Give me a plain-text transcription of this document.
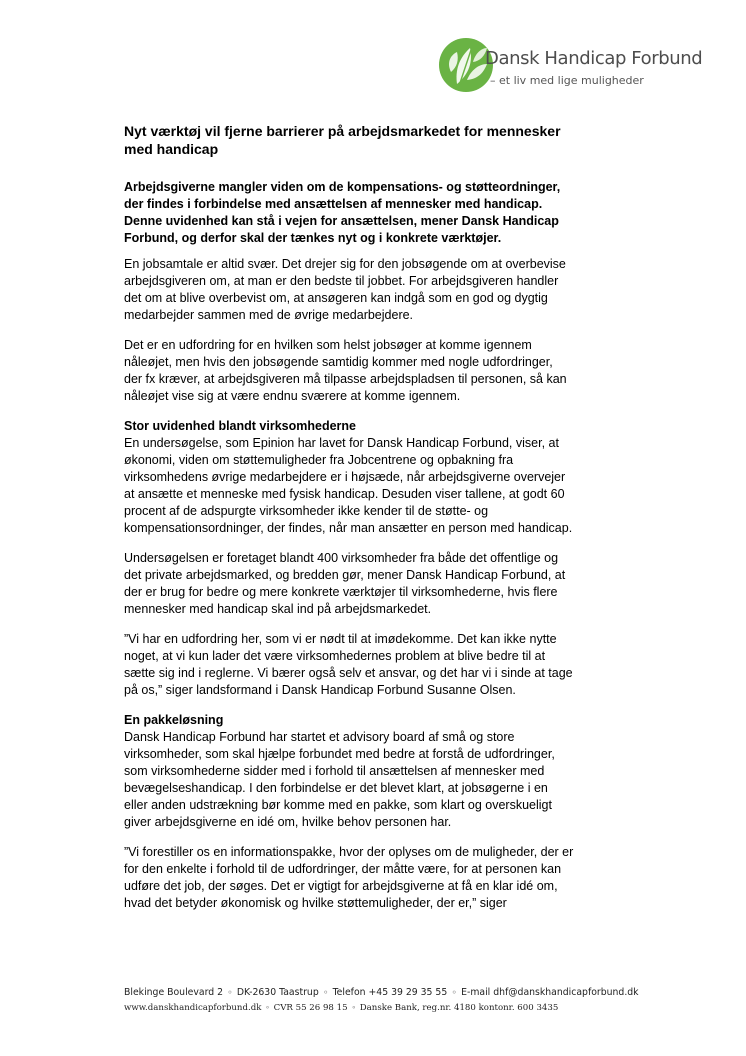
Dansk Handicap Forbund
– et liv med lige muligheder

Nyt værktøj vil fjerne barrierer på arbejdsmarkedet for mennesker med handicap

Arbejdsgiverne mangler viden om de kompensations- og støtteordninger, der findes i forbindelse med ansættelsen af mennesker med handicap. Denne uvidenhed kan stå i vejen for ansættelsen, mener Dansk Handicap Forbund, og derfor skal der tænkes nyt og i konkrete værktøjer.

En jobsamtale er altid svær. Det drejer sig for den jobsøgende om at overbevise arbejdsgiveren om, at man er den bedste til jobbet. For arbejdsgiveren handler det om at blive overbevist om, at ansøgeren kan indgå som en god og dygtig medarbejder sammen med de øvrige medarbejdere.

Det er en udfordring for en hvilken som helst jobsøger at komme igennem nåleøjet, men hvis den jobsøgende samtidig kommer med nogle udfordringer, der fx kræver, at arbejdsgiveren må tilpasse arbejdspladsen til personen, så kan nåleøjet vise sig at være endnu sværere at komme igennem.

Stor uvidenhed blandt virksomhederne

En undersøgelse, som Epinion har lavet for Dansk Handicap Forbund, viser, at økonomi, viden om støttemuligheder fra Jobcentrene og opbakning fra virksomhedens øvrige medarbejdere er i højsæde, når arbejdsgiverne overvejer at ansætte et menneske med fysisk handicap. Desuden viser tallene, at godt 60 procent af de adspurgte virksomheder ikke kender til de støtte- og kompensationsordninger, der findes, når man ansætter en person med handicap.

Undersøgelsen er foretaget blandt 400 virksomheder fra både det offentlige og det private arbejdsmarked, og bredden gør, mener Dansk Handicap Forbund, at der er brug for bedre og mere konkrete værktøjer til virksomhederne, hvis flere mennesker med handicap skal ind på arbejdsmarkedet.

”Vi har en udfordring her, som vi er nødt til at imødekomme. Det kan ikke nytte noget, at vi kun lader det være virksomhedernes problem at blive bedre til at sætte sig ind i reglerne. Vi bærer også selv et ansvar, og det har vi i sinde at tage på os,” siger landsformand i Dansk Handicap Forbund Susanne Olsen.

En pakkeløsning

Dansk Handicap Forbund har startet et advisory board af små og store virksomheder, som skal hjælpe forbundet med bedre at forstå de udfordringer, som virksomhederne sidder med i forhold til ansættelsen af mennesker med bevægelseshandicap. I den forbindelse er det blevet klart, at jobsøgerne i en eller anden udstrækning bør komme med en pakke, som klart og overskueligt giver arbejdsgiverne en idé om, hvilke behov personen har.

”Vi forestiller os en informationspakke, hvor der oplyses om de muligheder, der er for den enkelte i forhold til de udfordringer, der måtte være, for at personen kan udføre det job, der søges. Det er vigtigt for arbejdsgiverne at få en klar idé om, hvad det betyder økonomisk og hvilke støttemuligheder, der er,” siger

Blekinge Boulevard 2 ∘ DK-2630 Taastrup ∘ Telefon +45 39 29 35 55 ∘ E-mail dhf@danskhandicapforbund.dk
www.danskhandicapforbund.dk ∘ CVR 55 26 98 15 ∘ Danske Bank, reg.nr. 4180 kontonr. 600 3435
